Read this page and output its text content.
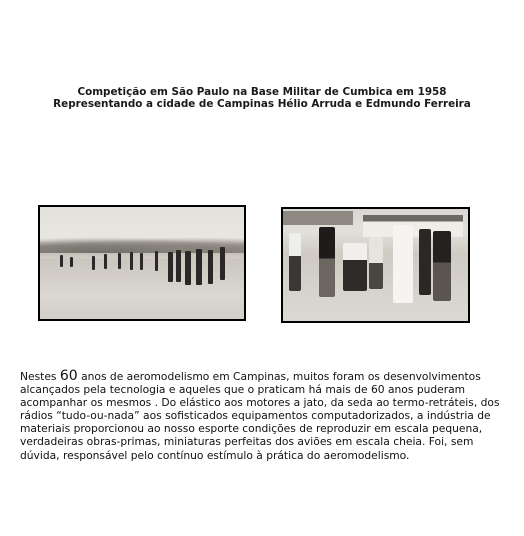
Competição em São Paulo na Base Militar de Cumbica em 1958
Representando a cidade de Campinas Hélio Arruda e Edmundo Ferreira
Nestes 60 anos de aeromodelismo em Campinas, muitos foram os desenvolvimentos alcançados pela tecnologia e aqueles que o praticam há mais de 60 anos puderam acompanhar os mesmos . Do elástico aos motores a jato, da seda ao termo-retráteis, dos rádios “tudo-ou-nada” aos sofisticados equipamentos computadorizados, a indústria de materiais proporcionou ao nosso esporte condições de reproduzir em escala pequena, verdadeiras obras-primas, miniaturas perfeitas dos aviões em escala cheia. Foi, sem dúvida, responsável pelo contínuo estímulo à prática do aeromodelismo.
